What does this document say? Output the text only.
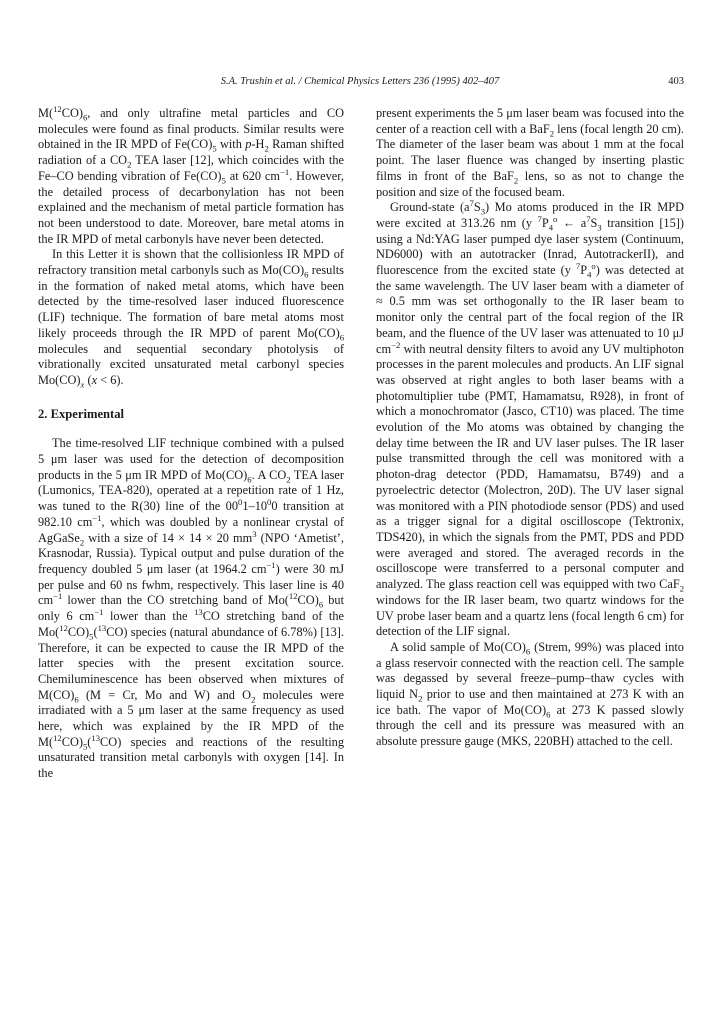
S.A. Trushin et al. / Chemical Physics Letters 236 (1995) 402–407	403

$M(^{12}CO)_6$, and only ultrafine metal particles and CO molecules were found as final products. Similar results were obtained in the IR MPD of $Fe(CO)_5$ with $p-H_2$ Raman shifted radiation of a $CO_2$ TEA laser [12], which coincides with the Fe–CO bending vibration of $Fe(CO)_5$ at 620 $cm^{-1}$. However, the detailed process of decarbonylation has not been explained and the mechanism of metal particle formation has not been understood to date. Moreover, bare metal atoms in the IR MPD of metal carbonyls have never been detected.

In this Letter it is shown that the collisionless IR MPD of refractory transition metal carbonyls such as $Mo(CO)_6$ results in the formation of naked metal atoms, which have been detected by the time-resolved laser induced fluorescence (LIF) technique. The formation of bare metal atoms most likely proceeds through the IR MPD of parent $Mo(CO)_6$ molecules and sequential secondary photolysis of vibrationally excited unsaturated metal carbonyl species $Mo(CO)_x$ (x < 6).

2. Experimental

The time-resolved LIF technique combined with a pulsed 5 μm laser was used for the detection of decomposition products in the 5 μm IR MPD of $Mo(CO)_6$. A $CO_2$ TEA laser (Lumonics, TEA-820), operated at a repetition rate of 1 Hz, was tuned to the R(30) line of the $00^01-10^00$ transition at 982.10 $cm^{-1}$, which was doubled by a nonlinear crystal of AgGaSe$_2$ with a size of 14 × 14 × 20 $mm^3$ (NPO ‘Ametist’, Krasnodar, Russia). Typical output and pulse duration of the frequency doubled 5 μm laser (at 1964.2 $cm^{-1}$) were 30 mJ per pulse and 60 ns fwhm, respectively. This laser line is 40 $cm^{-1}$ lower than the CO stretching band of $Mo(^{12}CO)_6$ but only 6 $cm^{-1}$ lower than the $^{13}$CO stretching band of the $Mo(^{12}CO)_5(^{13}CO)$ species (natural abundance of 6.78%) [13]. Therefore, it can be expected to cause the IR MPD of the latter species with the present excitation source. Chemiluminescence has been observed when mixtures of $M(CO)_6$ (M = Cr, Mo and W) and $O_2$ molecules were irradiated with a 5 μm laser at the same frequency as used here, which was explained by the IR MPD of the $M(^{12}CO)_5(^{13}CO)$ species and reactions of the resulting unsaturated transition metal carbonyls with oxygen [14]. In the

present experiments the 5 μm laser beam was focused into the center of a reaction cell with a BaF$_2$ lens (focal length 20 cm). The diameter of the laser beam was about 1 mm at the focal point. The laser fluence was changed by inserting plastic films in front of the BaF$_2$ lens, so as not to change the position and size of the focused beam.

Ground-state $(a^7S_3)$ Mo atoms produced in the IR MPD were excited at 313.26 nm (y $^7P_4^o$ ← $a^7S_3$ transition [15]) using a Nd:YAG laser pumped dye laser system (Continuum, ND6000) with an autotracker (Inrad, AutotrackerII), and fluorescence from the excited state (y $^7P_4^o$) was detected at the same wavelength. The UV laser beam with a diameter of ≈ 0.5 mm was set orthogonally to the IR laser beam to monitor only the central part of the focal region of the IR beam, and the fluence of the UV laser was attenuated to 10 μJ $cm^{-2}$ with neutral density filters to avoid any UV multiphoton processes in the parent molecules and products. An LIF signal was observed at right angles to both laser beams with a photomultiplier tube (PMT, Hamamatsu, R928), in front of which a monochromator (Jasco, CT10) was placed. The time evolution of the Mo atoms was obtained by changing the delay time between the IR and UV laser pulses. The IR laser pulse transmitted through the cell was monitored with a photon-drag detector (PDD, Hamamatsu, B749) and a pyroelectric detector (Molectron, 20D). The UV laser signal was monitored with a PIN photodiode sensor (PDS) and used as a trigger signal for a digital oscilloscope (Tektronix, TDS420), in which the signals from the PMT, PDS and PDD were averaged and stored. The averaged records in the oscilloscope were transferred to a personal computer and analyzed. The glass reaction cell was equipped with two CaF$_2$ windows for the IR laser beam, two quartz windows for the UV probe laser beam and a quartz lens (focal length 6 cm) for detection of the LIF signal.

A solid sample of $Mo(CO)_6$ (Strem, 99%) was placed into a glass reservoir connected with the reaction cell. The sample was degassed by several freeze–pump–thaw cycles with liquid $N_2$ prior to use and then maintained at 273 K with an ice bath. The vapor of $Mo(CO)_6$ at 273 K passed slowly through the cell and its pressure was measured with an absolute pressure gauge (MKS, 220BH) attached to the cell.
